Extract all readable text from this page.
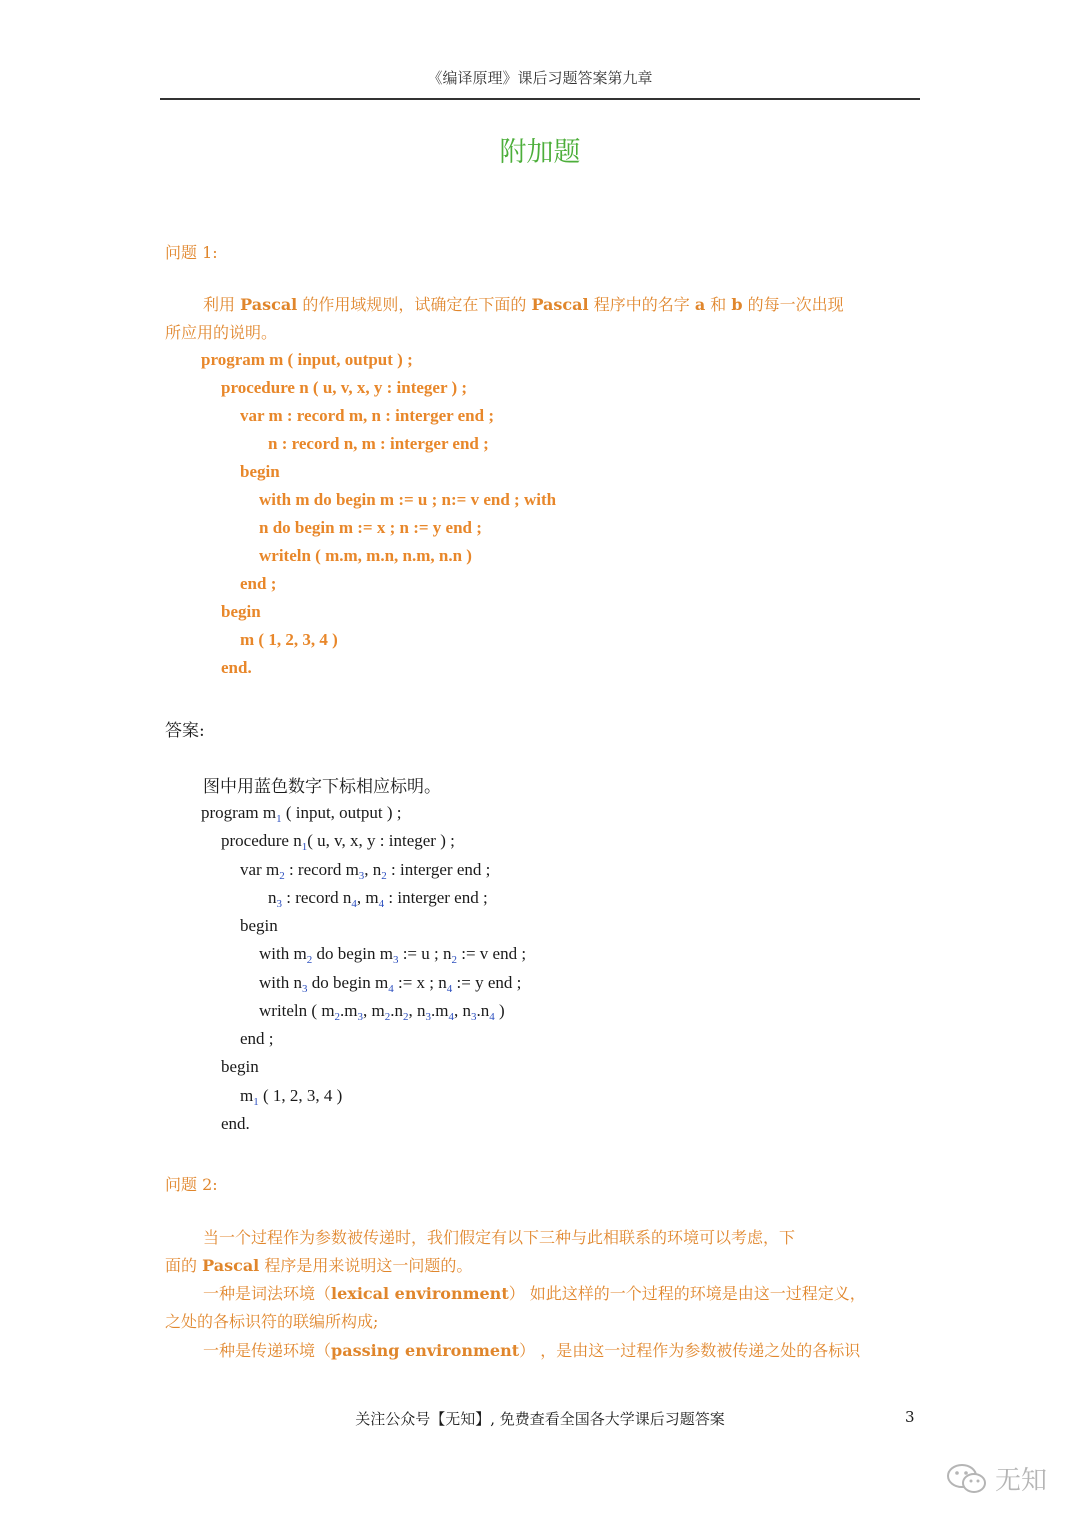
《编译原理》课后习题答案第九章
附加题
问题 1:
利用 Pascal 的作用域规则，试确定在下面的 Pascal 程序中的名字 a 和 b 的每一次出现
所应用的说明。
program m ( input, output ) ;
procedure n ( u, v, x, y : integer ) ;
var m : record m, n : interger end ;
n : record n, m : interger end ;
begin
with m do begin m := u ; n:= v end ; with
n do begin m := x ; n := y end ;
writeln ( m.m, m.n, n.m, n.n )
end ;
begin
m ( 1, 2, 3, 4 )
end.
答案:
图中用蓝色数字下标相应标明。
program $m_1$ ( input, output ) ;
procedure $n_1$( u, v, x, y : integer ) ;
var $m_2$ : record $m_3$, $n_2$ : interger end ;
$n_3$ : record $n_4$, $m_4$ : interger end ;
begin
with $m_2$ do begin $m_3$ := u ; $n_2$ := v end ;
with $n_3$ do begin $m_4$ := x ; $n_4$ := y end ;
writeln ( $m_2.m_3$, $m_2.n_2$, $n_3.m_4$, $n_3.n_4$ )
end ;
begin
$m_1$ ( 1, 2, 3, 4 )
end.
问题 2:
当一个过程作为参数被传递时，我们假定有以下三种与此相联系的环境可以考虑，下
面的 Pascal 程序是用来说明这一问题的。
一种是词法环境（lexical environment） 如此这样的一个过程的环境是由这一过程定义，
之处的各标识符的联编所构成;
一种是传递环境（passing environment） ，是由这一过程作为参数被传递之处的各标识
关注公众号【无知】, 免费查看全国各大学课后习题答案	3
无知
